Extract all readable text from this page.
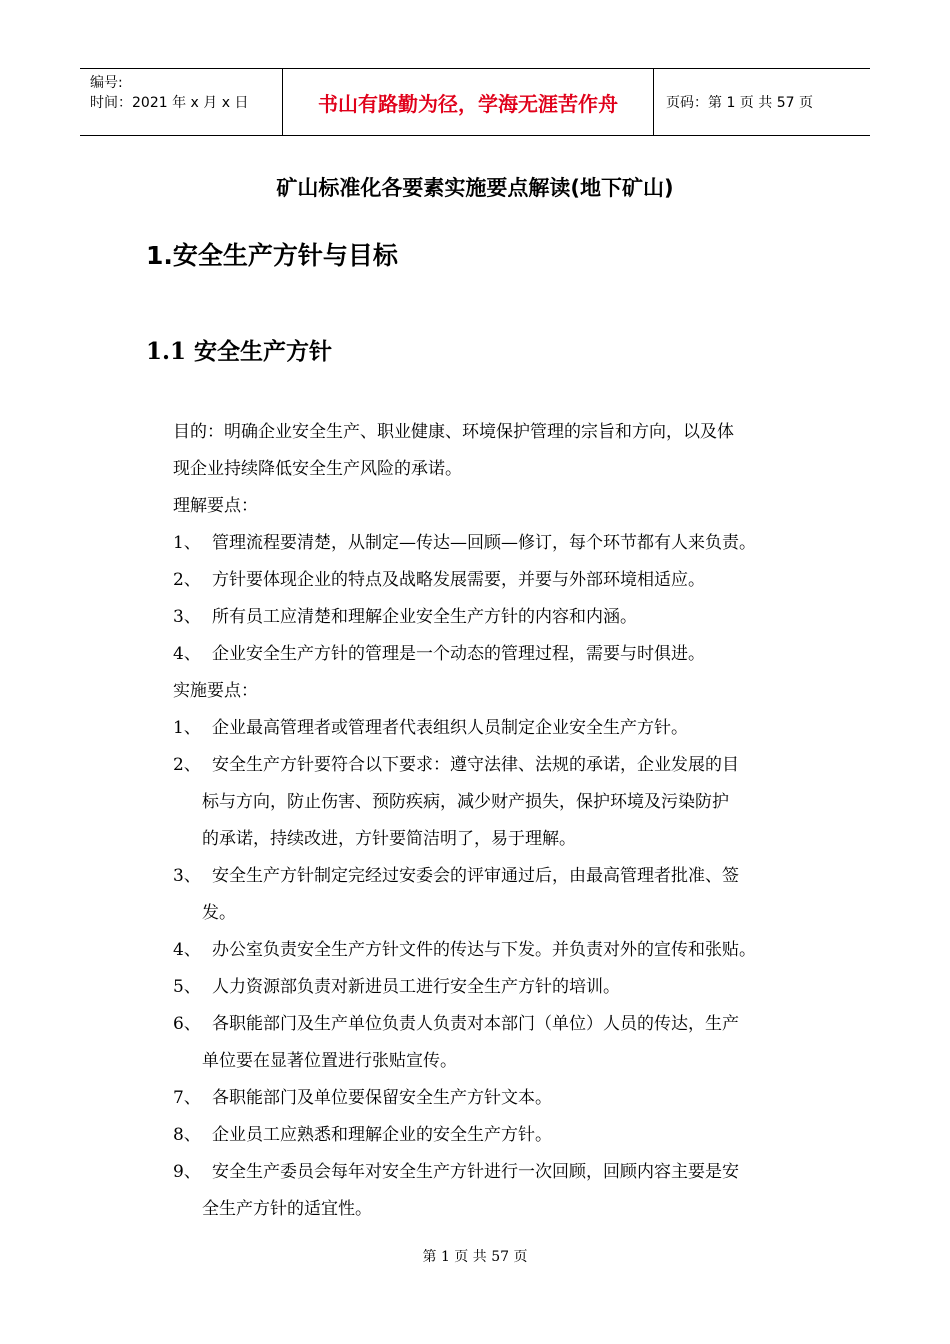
编号:
时间：2021 年 x 月 x 日	书山有路勤为径，学海无涯苦作舟	页码：第 1 页 共 57 页
矿山标准化各要素实施要点解读(地下矿山)
1.安全生产方针与目标
1.1 安全生产方针

目的：明确企业安全生产、职业健康、环境保护管理的宗旨和方向，以及体
现企业持续降低安全生产风险的承诺。

理解要点：

1、 管理流程要清楚，从制定—传达—回顾—修订，每个环节都有人来负责。
2、 方针要体现企业的特点及战略发展需要，并要与外部环境相适应。
3、 所有员工应清楚和理解企业安全生产方针的内容和内涵。
4、 企业安全生产方针的管理是一个动态的管理过程，需要与时俱进。

实施要点：

1、 企业最高管理者或管理者代表组织人员制定企业安全生产方针。
2、 安全生产方针要符合以下要求：遵守法律、法规的承诺，企业发展的目
标与方向，防止伤害、预防疾病，减少财产损失，保护环境及污染防护
的承诺，持续改进，方针要简洁明了，易于理解。
3、 安全生产方针制定完经过安委会的评审通过后，由最高管理者批准、签
发。
4、 办公室负责安全生产方针文件的传达与下发。并负责对外的宣传和张贴。
5、 人力资源部负责对新进员工进行安全生产方针的培训。
6、 各职能部门及生产单位负责人负责对本部门（单位）人员的传达，生产
单位要在显著位置进行张贴宣传。
7、 各职能部门及单位要保留安全生产方针文本。
8、 企业员工应熟悉和理解企业的安全生产方针。
9、 安全生产委员会每年对安全生产方针进行一次回顾，回顾内容主要是安
全生产方针的适宜性。
第 1 页 共 57 页
